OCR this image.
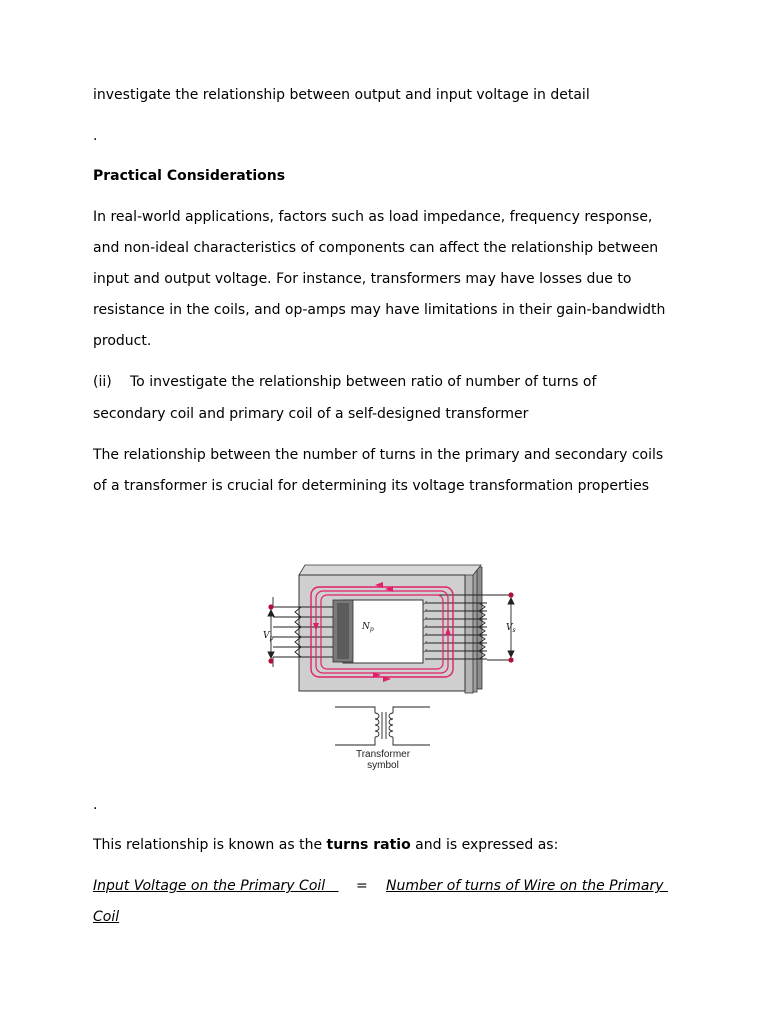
investigate the relationship between output and input voltage in detail
.
Practical Considerations
In real-world applications, factors such as load impedance, frequency response,
and non-ideal characteristics of components can affect the relationship between
input and output voltage. For instance, transformers may have losses due to
resistance in the coils, and op-amps may have limitations in their gain-bandwidth
product.
(ii) To investigate the relationship between ratio of number of turns of
secondary coil and primary coil of a self-designed transformer
The relationship between the number of turns in the primary and secondary coils
of a transformer is crucial for determining its voltage transformation properties
$V_p$
$V_s$
$N_p$
Transformer
symbol
.
This relationship is known as the turns ratio and is expressed as:
Input Voltage on the Primary Coil	= Number of turns of Wire on the Primary
Coil
